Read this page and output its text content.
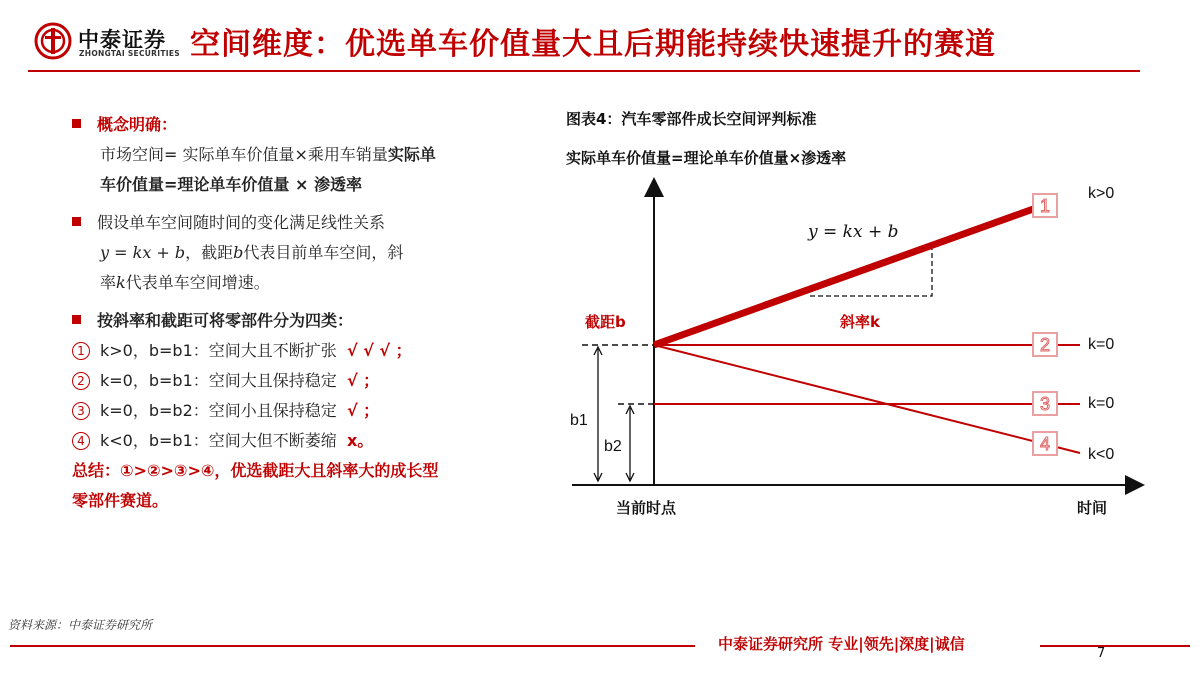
中泰证券
ZHONGTAI SECURITIES 空间维度：优选单车价值量大且后期能持续快速提升的赛道
概念明确：
市场空间= 实际单车价值量×乘用车销量实际单
车价值量=理论单车价值量 × 渗透率
假设单车空间随时间的变化满足线性关系
y = kx + b，截距b代表目前单车空间，斜
率k代表单车空间增速。
按斜率和截距可将零部件分为四类：
1 k>0，b=b1：空间大且不断扩张 √ √ √ ；
2 k=0，b=b1：空间大且保持稳定 √ ；
3 k=0，b=b2：空间小且保持稳定 √ ；
4 k<0，b=b1：空间大但不断萎缩 x。
总结：①>②>③>④，优选截距大且斜率大的成长型
零部件赛道。
图表4：汽车零部件成长空间评判标准
实际单车价值量=理论单车价值量×渗透率
1
2
3
4
k>0
k=0
k=0
k<0
y = kx + b
截距b	斜率k
b1
b2
当前时点	时间
资料来源：中泰证券研究所
中泰证券研究所 专业|领先|深度|诚信
7
